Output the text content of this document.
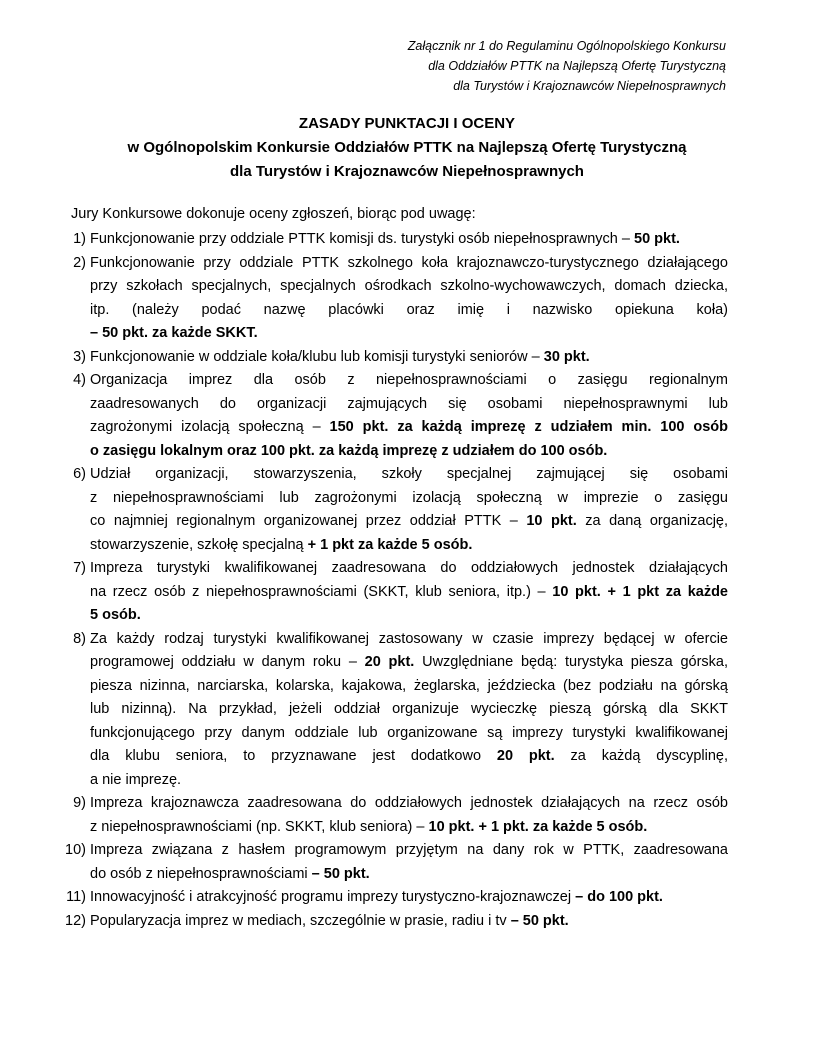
Załącznik nr 1 do Regulaminu Ogólnopolskiego Konkursu
dla Oddziałów PTTK na Najlepszą Ofertę Turystyczną
dla Turystów i Krajoznawców Niepełnosprawnych
ZASADY PUNKTACJI I OCENY
w Ogólnopolskim Konkursie Oddziałów PTTK na Najlepszą Ofertę Turystyczną
dla Turystów i Krajoznawców Niepełnosprawnych
Jury Konkursowe dokonuje oceny zgłoszeń, biorąc pod uwagę:
1) Funkcjonowanie przy oddziale PTTK komisji ds. turystyki osób niepełnosprawnych – 50 pkt.
2) Funkcjonowanie przy oddziale PTTK szkolnego koła krajoznawczo-turystycznego działającego
przy szkołach specjalnych, specjalnych ośrodkach szkolno-wychowawczych, domach dziecka,
itp. (należy podać nazwę placówki oraz imię i nazwisko opiekuna koła)
– 50 pkt. za każde SKKT.
3) Funkcjonowanie w oddziale koła/klubu lub komisji turystyki seniorów – 30 pkt.
4) Organizacja imprez dla osób z niepełnosprawnościami o zasięgu regionalnym
zaadresowanych do organizacji zajmujących się osobami niepełnosprawnymi lub
zagrożonymi izolacją społeczną – 150 pkt. za każdą imprezę z udziałem min. 100 osób
o zasięgu lokalnym oraz 100 pkt. za każdą imprezę z udziałem do 100 osób.
6) Udział organizacji, stowarzyszenia, szkoły specjalnej zajmującej się osobami
z niepełnosprawnościami lub zagrożonymi izolacją społeczną w imprezie o zasięgu
co najmniej regionalnym organizowanej przez oddział PTTK – 10 pkt. za daną organizację,
stowarzyszenie, szkołę specjalną + 1 pkt za każde 5 osób.
7) Impreza turystyki kwalifikowanej zaadresowana do oddziałowych jednostek działających
na rzecz osób z niepełnosprawnościami (SKKT, klub seniora, itp.) – 10 pkt. + 1 pkt za każde
5 osób.
8) Za każdy rodzaj turystyki kwalifikowanej zastosowany w czasie imprezy będącej w ofercie
programowej oddziału w danym roku – 20 pkt. Uwzględniane będą: turystyka piesza górska,
piesza nizinna, narciarska, kolarska, kajakowa, żeglarska, jeździecka (bez podziału na górską
lub nizinną). Na przykład, jeżeli oddział organizuje wycieczkę pieszą górską dla SKKT
funkcjonującego przy danym oddziale lub organizowane są imprezy turystyki kwalifikowanej
dla klubu seniora, to przyznawane jest dodatkowo 20 pkt. za każdą dyscyplinę,
a nie imprezę.
9) Impreza krajoznawcza zaadresowana do oddziałowych jednostek działających na rzecz osób
z niepełnosprawnościami (np. SKKT, klub seniora) – 10 pkt. + 1 pkt. za każde 5 osób.
10) Impreza związana z hasłem programowym przyjętym na dany rok w PTTK, zaadresowana
do osób z niepełnosprawnościami – 50 pkt.
11) Innowacyjność i atrakcyjność programu imprezy turystyczno-krajoznawczej – do 100 pkt.
12) Popularyzacja imprez w mediach, szczególnie w prasie, radiu i tv – 50 pkt.
